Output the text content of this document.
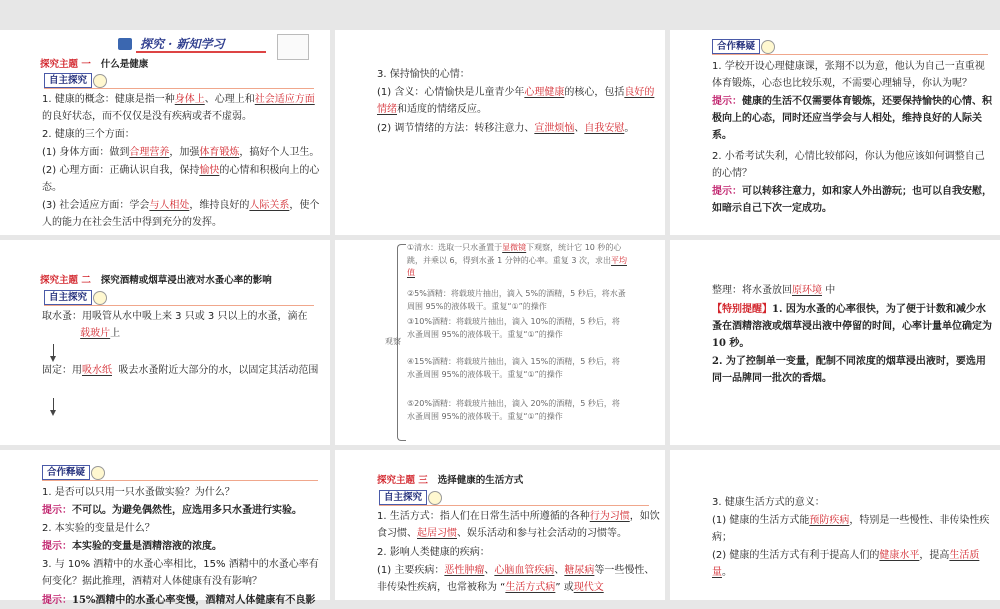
探究 · 新知学习
探究主题 一 什么是健康
自主探究
1. 健康的概念：健康是指一种身体上、心理上和社会适应方面的良好状态，而不仅仅是没有疾病或者不虚弱。
2. 健康的三个方面：
(1) 身体方面：做到合理营养，加强体育锻炼，搞好个人卫生。
(2) 心理方面：正确认识自我，保持愉快的心情和积极向上的心态。
(3) 社会适应方面：学会与人相处，维持良好的人际关系，使个人的能力在社会生活中得到充分的发挥。
3. 保持愉快的心情：
(1) 含义：心情愉快是儿童青少年心理健康的核心，包括良好的情绪和适度的情绪反应。
(2) 调节情绪的方法：转移注意力、宣泄烦恼、自我安慰。
合作释疑
1. 学校开设心理健康课，张翔不以为意，他认为自己一直重视体育锻炼，心态也比较乐观，不需要心理辅导，你认为呢？
提示：健康的生活不仅需要体育锻炼，还要保持愉快的心情、积极向上的心态，同时还应当学会与人相处，维持良好的人际关系。
2. 小希考试失利，心情比较郁闷，你认为他应该如何调整自己的心情？
提示：可以转移注意力，如和家人外出游玩；也可以自我安慰，如暗示自己下次一定成功。
探究主题 二 探究酒精或烟草浸出液对水蚤心率的影响
自主探究
取水蚤：用吸管从水中吸上来 3 只或 3 只以上的水蚤，滴在
载玻片上
固定：用吸水纸 吸去水蚤附近大部分的水，以固定其活动范围
观察
①清水：选取一只水蚤置于显微镜下观察，统计它 10 秒的心跳，并乘以 6，得到水蚤 1 分钟的心率。重复 3 次，求出平均值
②5%酒精：将载玻片抽出，滴入 5%的酒精，5 秒后，将水蚤周围 95%的液体吸干。重复“①”的操作
③10%酒精：将载玻片抽出，滴入 10%的酒精，5 秒后，将水蚤周围 95%的液体吸干。重复“①”的操作
④15%酒精：将载玻片抽出，滴入 15%的酒精，5 秒后，将水蚤周围 95%的液体吸干。重复“①”的操作
⑤20%酒精：将载玻片抽出，滴入 20%的酒精，5 秒后，将水蚤周围 95%的液体吸干。重复“①”的操作
整理：将水蚤放回原环境 中
【特别提醒】1. 因为水蚤的心率很快，为了便于计数和减少水蚤在酒精溶液或烟草浸出液中停留的时间，心率计量单位确定为 10 秒。
2. 为了控制单一变量，配制不同浓度的烟草浸出液时，要选用同一品牌同一批次的香烟。
合作释疑
1. 是否可以只用一只水蚤做实验？为什么？
提示：不可以。为避免偶然性，应选用多只水蚤进行实验。
2. 本实验的变量是什么？
提示：本实验的变量是酒精溶液的浓度。
3. 与 10% 酒精中的水蚤心率相比，15% 酒精中的水蚤心率有何变化？据此推理，酒精对人体健康有没有影响？
提示：15%酒精中的水蚤心率变慢，酒精对人体健康有不良影
探究主题 三 选择健康的生活方式
自主探究
1. 生活方式：指人们在日常生活中所遵循的各种行为习惯，如饮食习惯、起居习惯、娱乐活动和参与社会活动的习惯等。
2. 影响人类健康的疾病：
(1) 主要疾病：恶性肿瘤、心脑血管疾病、糖尿病等一些慢性、非传染性疾病，也常被称为 “生活方式病” 或现代文
3. 健康生活方式的意义：
(1) 健康的生活方式能预防疾病，特别是一些慢性、非传染性疾病；
(2) 健康的生活方式有利于提高人们的健康水平，提高生活质量。
